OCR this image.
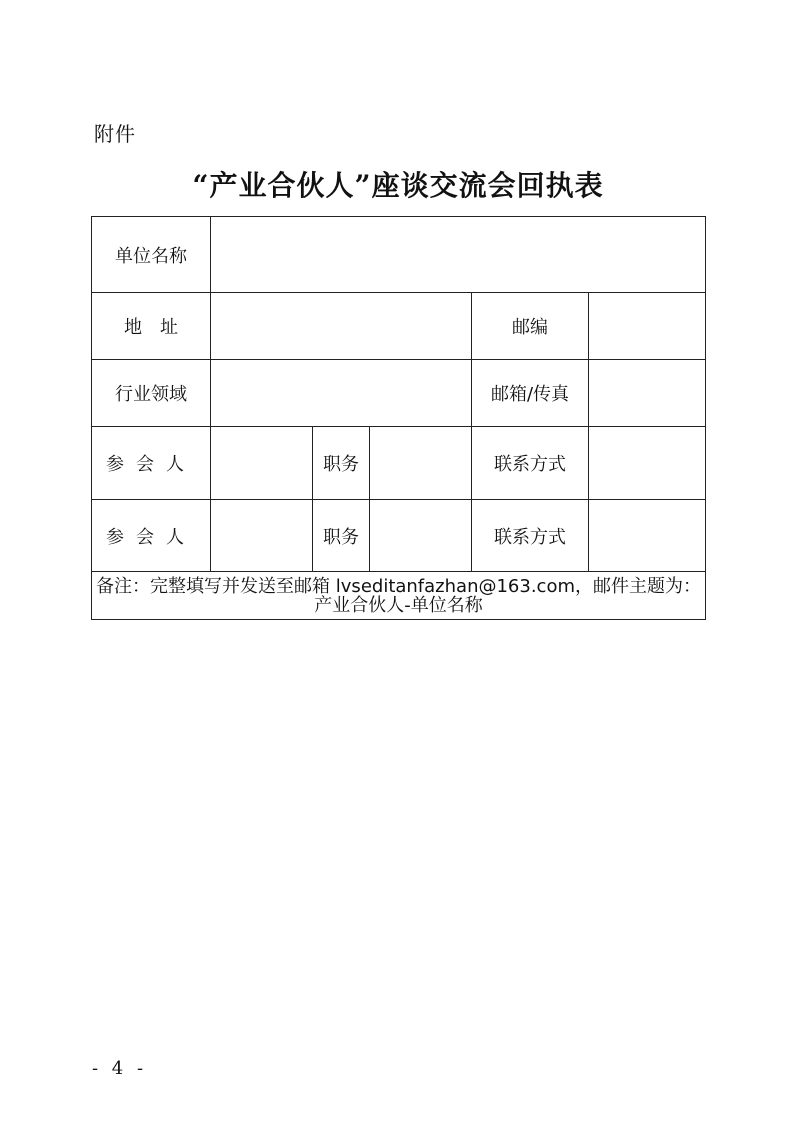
附件
“产业合伙人”座谈交流会回执表
单位名称					
地　址				邮编	
行业领域				邮箱/传真	
参会人		职务		联系方式	
参会人		职务		联系方式	
备注：完整填写并发送至邮箱 lvseditanfazhan@163.com，邮件主题为：产业合伙人-单位名称					
- 4 -
